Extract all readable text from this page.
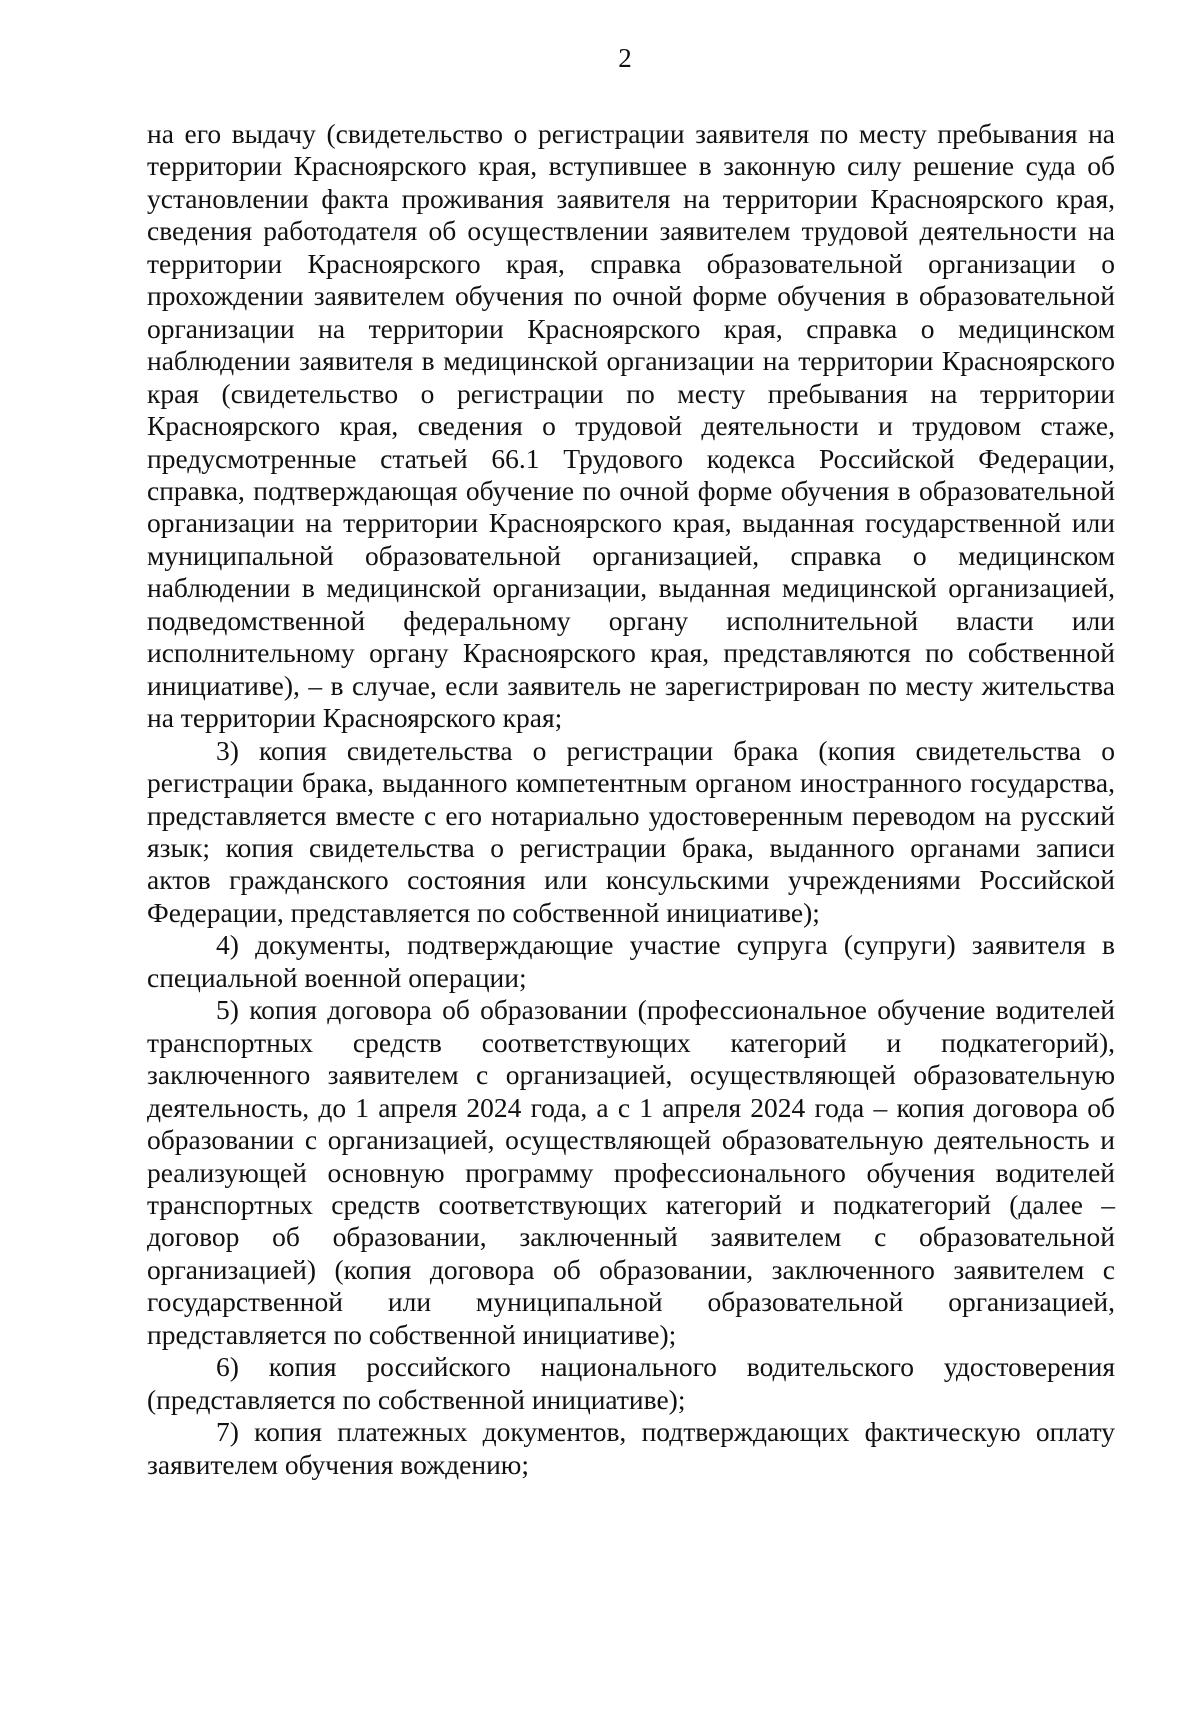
2

на его выдачу (свидетельство о регистрации заявителя по месту пребывания на территории Красноярского края, вступившее в законную силу решение суда об установлении факта проживания заявителя на территории Красноярского края, сведения работодателя об осуществлении заявителем трудовой деятельности на территории Красноярского края, справка образовательной организации о прохождении заявителем обучения по очной форме обучения в образовательной организации на территории Красноярского края, справка о медицинском наблюдении заявителя в медицинской организации на территории Красноярского края (свидетельство о регистрации по месту пребывания на территории Красноярского края, сведения о трудовой деятельности и трудовом стаже, предусмотренные статьей 66.1 Трудового кодекса Российской Федерации, справка, подтверждающая обучение по очной форме обучения в образовательной организации на территории Красноярского края, выданная государственной или муниципальной образовательной организацией, справка о медицинском наблюдении в медицинской организации, выданная медицинской организацией, подведомственной федеральному органу исполнительной власти или исполнительному органу Красноярского края, представляются по собственной инициативе), – в случае, если заявитель не зарегистрирован по месту жительства на территории Красноярского края;

3) копия свидетельства о регистрации брака (копия свидетельства о регистрации брака, выданного компетентным органом иностранного государства, представляется вместе с его нотариально удостоверенным переводом на русский язык; копия свидетельства о регистрации брака, выданного органами записи актов гражданского состояния или консульскими учреждениями Российской Федерации, представляется по собственной инициативе);

4) документы, подтверждающие участие супруга (супруги) заявителя в специальной военной операции;

5) копия договора об образовании (профессиональное обучение водителей транспортных средств соответствующих категорий и подкатегорий), заключенного заявителем с организацией, осуществляющей образовательную деятельность, до 1 апреля 2024 года, а с 1 апреля 2024 года – копия договора об образовании с организацией, осуществляющей образовательную деятельность и реализующей основную программу профессионального обучения водителей транспортных средств соответствующих категорий и подкатегорий (далее – договор об образовании, заключенный заявителем с образовательной организацией) (копия договора об образовании, заключенного заявителем с государственной или муниципальной образовательной организацией, представляется по собственной инициативе);

6) копия российского национального водительского удостоверения (представляется по собственной инициативе);

7) копия платежных документов, подтверждающих фактическую оплату заявителем обучения вождению;
